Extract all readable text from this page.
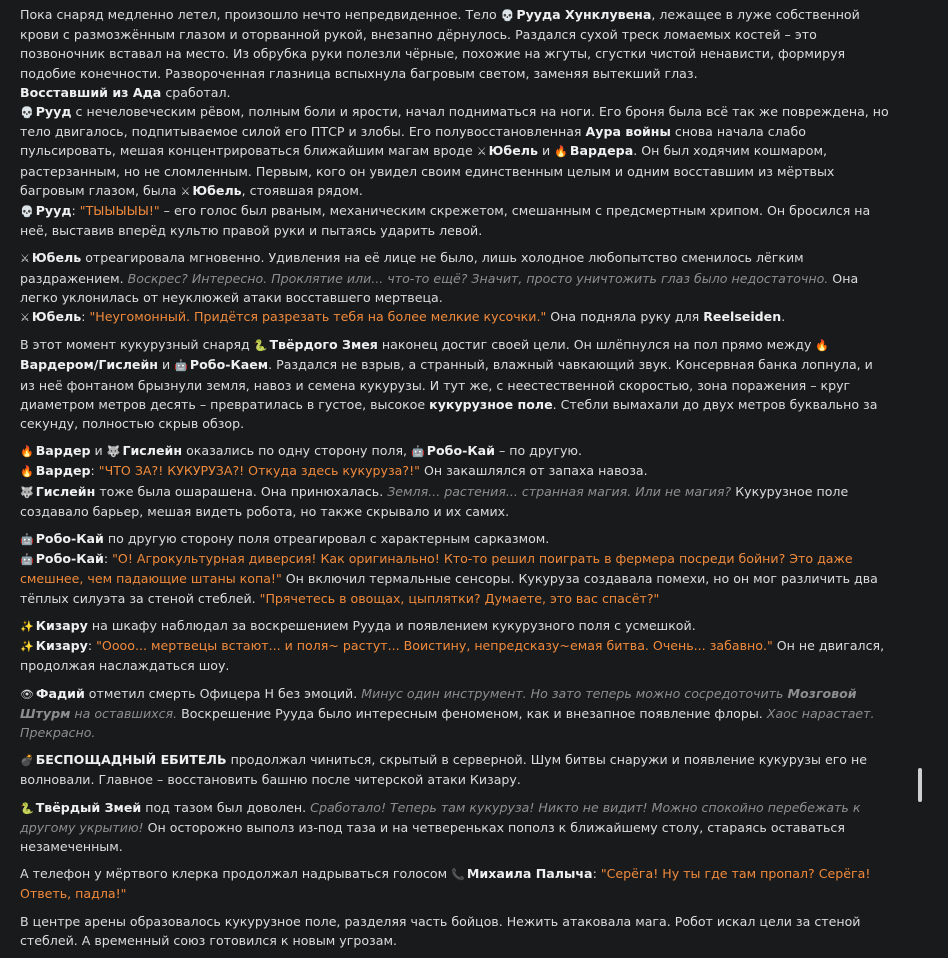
Пока снаряд медленно летел, произошло нечто непредвиденное. Тело 💀 Рууда Хунклувена, лежащее в луже собственной крови с размозжённым глазом и оторванной рукой, внезапно дёрнулось. Раздался сухой треск ломаемых костей – это позвоночник вставал на место. Из обрубка руки полезли чёрные, похожие на жгуты, сгустки чистой ненависти, формируя подобие конечности. Развороченная глазница вспыхнула багровым светом, заменяя вытекший глаз.
Восставший из Ада сработал.
💀 Рууд с нечеловеческим рёвом, полным боли и ярости, начал подниматься на ноги. Его броня была всё так же повреждена, но тело двигалось, подпитываемое силой его ПТСР и злобы. Его полувосстановленная Аура войны снова начала слабо пульсировать, мешая концентрироваться ближайшим магам вроде ⚔ Юбель и 🔥 Вардера. Он был ходячим кошмаром, растерзанным, но не сломленным. Первым, кого он увидел своим единственным целым и одним восставшим из мёртвых багровым глазом, была ⚔ Юбель, стоявшая рядом.
💀 Рууд: "ТЫЫЫЫЫ!" – его голос был рваным, механическим скрежетом, смешанным с предсмертным хрипом. Он бросился на неё, выставив вперёд культю правой руки и пытаясь ударить левой.
⚔ Юбель отреагировала мгновенно. Удивления на её лице не было, лишь холодное любопытство сменилось лёгким раздражением. Воскрес? Интересно. Проклятие или... что-то ещё? Значит, просто уничтожить глаз было недостаточно. Она легко уклонилась от неуклюжей атаки восставшего мертвеца.
⚔ Юбель: "Неугомонный. Придётся разрезать тебя на более мелкие кусочки." Она подняла руку для Reelseiden.
В этот момент кукурузный снаряд 🐍 Твёрдого Змея наконец достиг своей цели. Он шлёпнулся на пол прямо между 🔥Вардером/Гислейн и 🤖 Робо-Каем. Раздался не взрыв, а странный, влажный чавкающий звук. Консервная банка лопнула, и из неё фонтаном брызнули земля, навоз и семена кукурузы. И тут же, с неестественной скоростью, зона поражения – круг диаметром метров десять – превратилась в густое, высокое кукурузное поле. Стебли вымахали до двух метров буквально за секунду, полностью скрыв обзор.
🔥 Вардер и 🐺 Гислейн оказались по одну сторону поля, 🤖 Робо-Кай – по другую.
🔥 Вардер: "ЧТО ЗА?! КУКУРУЗА?! Откуда здесь кукуруза?!" Он закашлялся от запаха навоза.
🐺 Гислейн тоже была ошарашена. Она принюхалась. Земля... растения... странная магия. Или не магия? Кукурузное поле создавало барьер, мешая видеть робота, но также скрывало и их самих.
🤖 Робо-Кай по другую сторону поля отреагировал с характерным сарказмом.
🤖 Робо-Кай: "О! Агрокультурная диверсия! Как оригинально! Кто-то решил поиграть в фермера посреди бойни? Это даже смешнее, чем падающие штаны копа!" Он включил термальные сенсоры. Кукуруза создавала помехи, но он мог различить два тёплых силуэта за стеной стеблей. "Прячетесь в овощах, цыплятки? Думаете, это вас спасёт?"
✨ Кизару на шкафу наблюдал за воскрешением Рууда и появлением кукурузного поля с усмешкой.
✨ Кизару: "Оооо... мертвецы встают... и поля~ растут... Воистину, непредсказу~емая битва. Очень... забавно." Он не двигался, продолжая наслаждаться шоу.
👁 Фадий отметил смерть Офицера Н без эмоций. Минус один инструмент. Но зато теперь можно сосредоточить Мозговой Штурм на оставшихся. Воскрешение Рууда было интересным феноменом, как и внезапное появление флоры. Хаос нарастает. Прекрасно.
💣 БЕСПОЩАДНЫЙ ЕБИТЕЛЬ продолжал чиниться, скрытый в серверной. Шум битвы снаружи и появление кукурузы его не волновали. Главное – восстановить башню после читерской атаки Кизару.
🐍 Твёрдый Змей под тазом был доволен. Сработало! Теперь там кукуруза! Никто не видит! Можно спокойно перебежать к другому укрытию! Он осторожно выполз из-под таза и на четвереньках пополз к ближайшему столу, стараясь оставаться незамеченным.
А телефон у мёртвого клерка продолжал надрываться голосом 📞 Михаила Палыча: "Серёга! Ну ты где там пропал? Серёга! Ответь, падла!"
В центре арены образовалось кукурузное поле, разделяя часть бойцов. Нежить атаковала мага. Робот искал цели за стеной стеблей. А временный союз готовился к новым угрозам.
